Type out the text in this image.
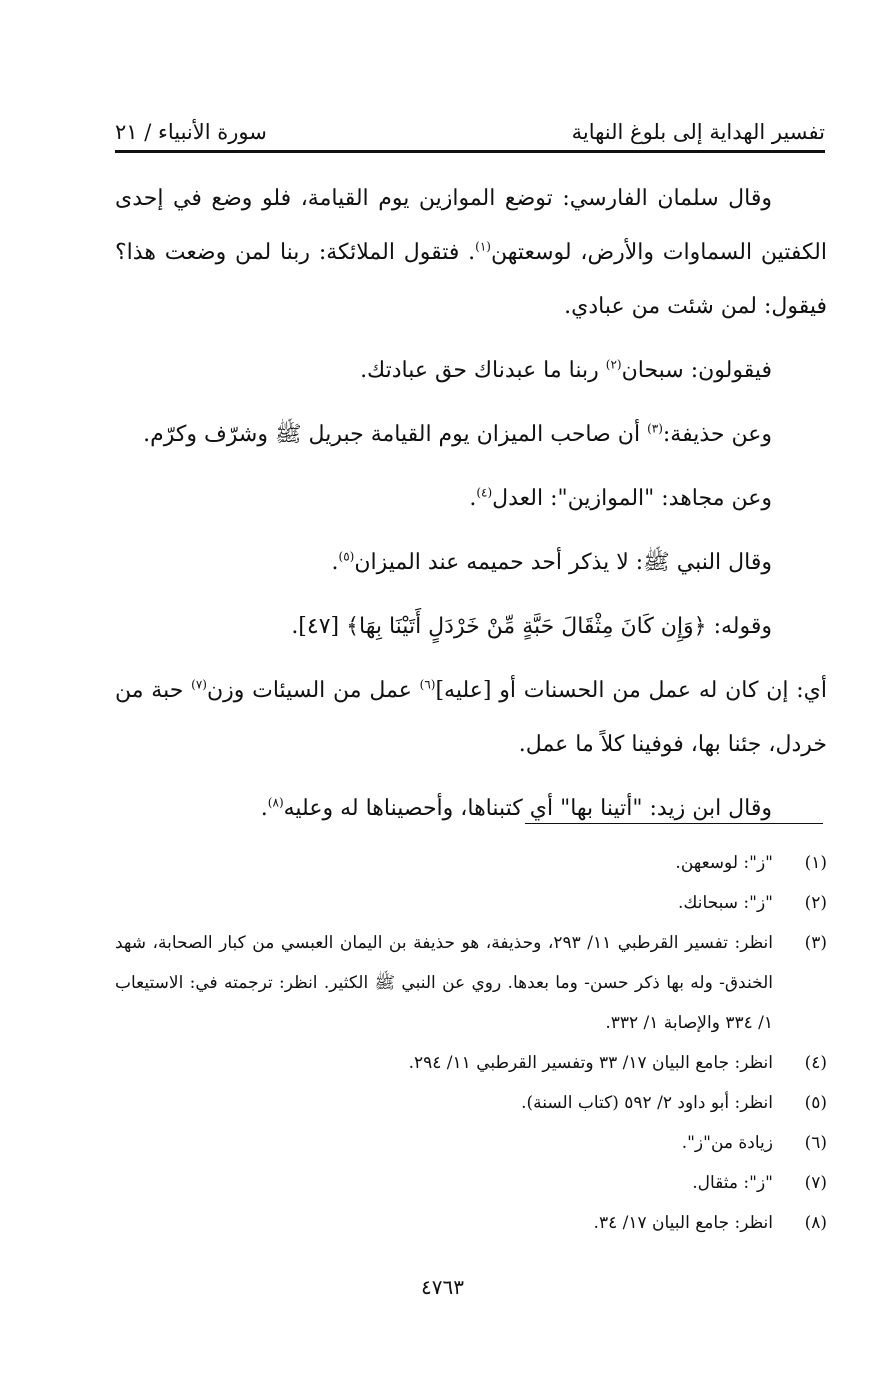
تفسير الهداية إلى بلوغ النهاية
سورة الأنبياء / ٢١

وقال سلمان الفارسي: توضع الموازين يوم القيامة، فلو وضع في إحدى الكفتين السماوات والأرض، لوسعتهن$^{(١)}$. فتقول الملائكة: ربنا لمن وضعت هذا؟ فيقول: لمن شئت من عبادي.

فيقولون: سبحان$^{(٢)}$ ربنا ما عبدناك حق عبادتك.

وعن حذيفة:$^{(٣)}$ أن صاحب الميزان يوم القيامة جبريل ﷺ وشرّف وكرّم.

وعن مجاهد: "الموازين": العدل$^{(٤)}$.

وقال النبي ﷺ: لا يذكر أحد حميمه عند الميزان$^{(٥)}$.

وقوله: ﴿وَإِن كَانَ مِثْقَالَ حَبَّةٍ مِّنْ خَرْدَلٍ أَتَيْنَا بِهَا﴾ [٤٧].

أي: إن كان له عمل من الحسنات أو [عليه]$^{(٦)}$ عمل من السيئات وزن$^{(٧)}$ حبة من خردل، جئنا بها، فوفينا كلاً ما عمل.

وقال ابن زيد: "أتينا بها" أي كتبناها، وأحصيناها له وعليه$^{(٨)}$.

(١)
"ز": لوسعهن.
(٢)
"ز": سبحانك.
(٣)
انظر: تفسير القرطبي ١١/ ٢٩٣، وحذيفة، هو حذيفة بن اليمان العبسي من كبار الصحابة، شهد الخندق- وله بها ذكر حسن- وما بعدها. روي عن النبي ﷺ الكثير. انظر: ترجمته في: الاستيعاب ١/ ٣٣٤ والإصابة ١/ ٣٣٢.
(٤)
انظر: جامع البيان ١٧/ ٣٣ وتفسير القرطبي ١١/ ٢٩٤.
(٥)
انظر: أبو داود ٢/ ٥٩٢ (كتاب السنة).
(٦)
زيادة من"ز".
(٧)
"ز": مثقال.
(٨)
انظر: جامع البيان ١٧/ ٣٤.
٤٧٦٣
